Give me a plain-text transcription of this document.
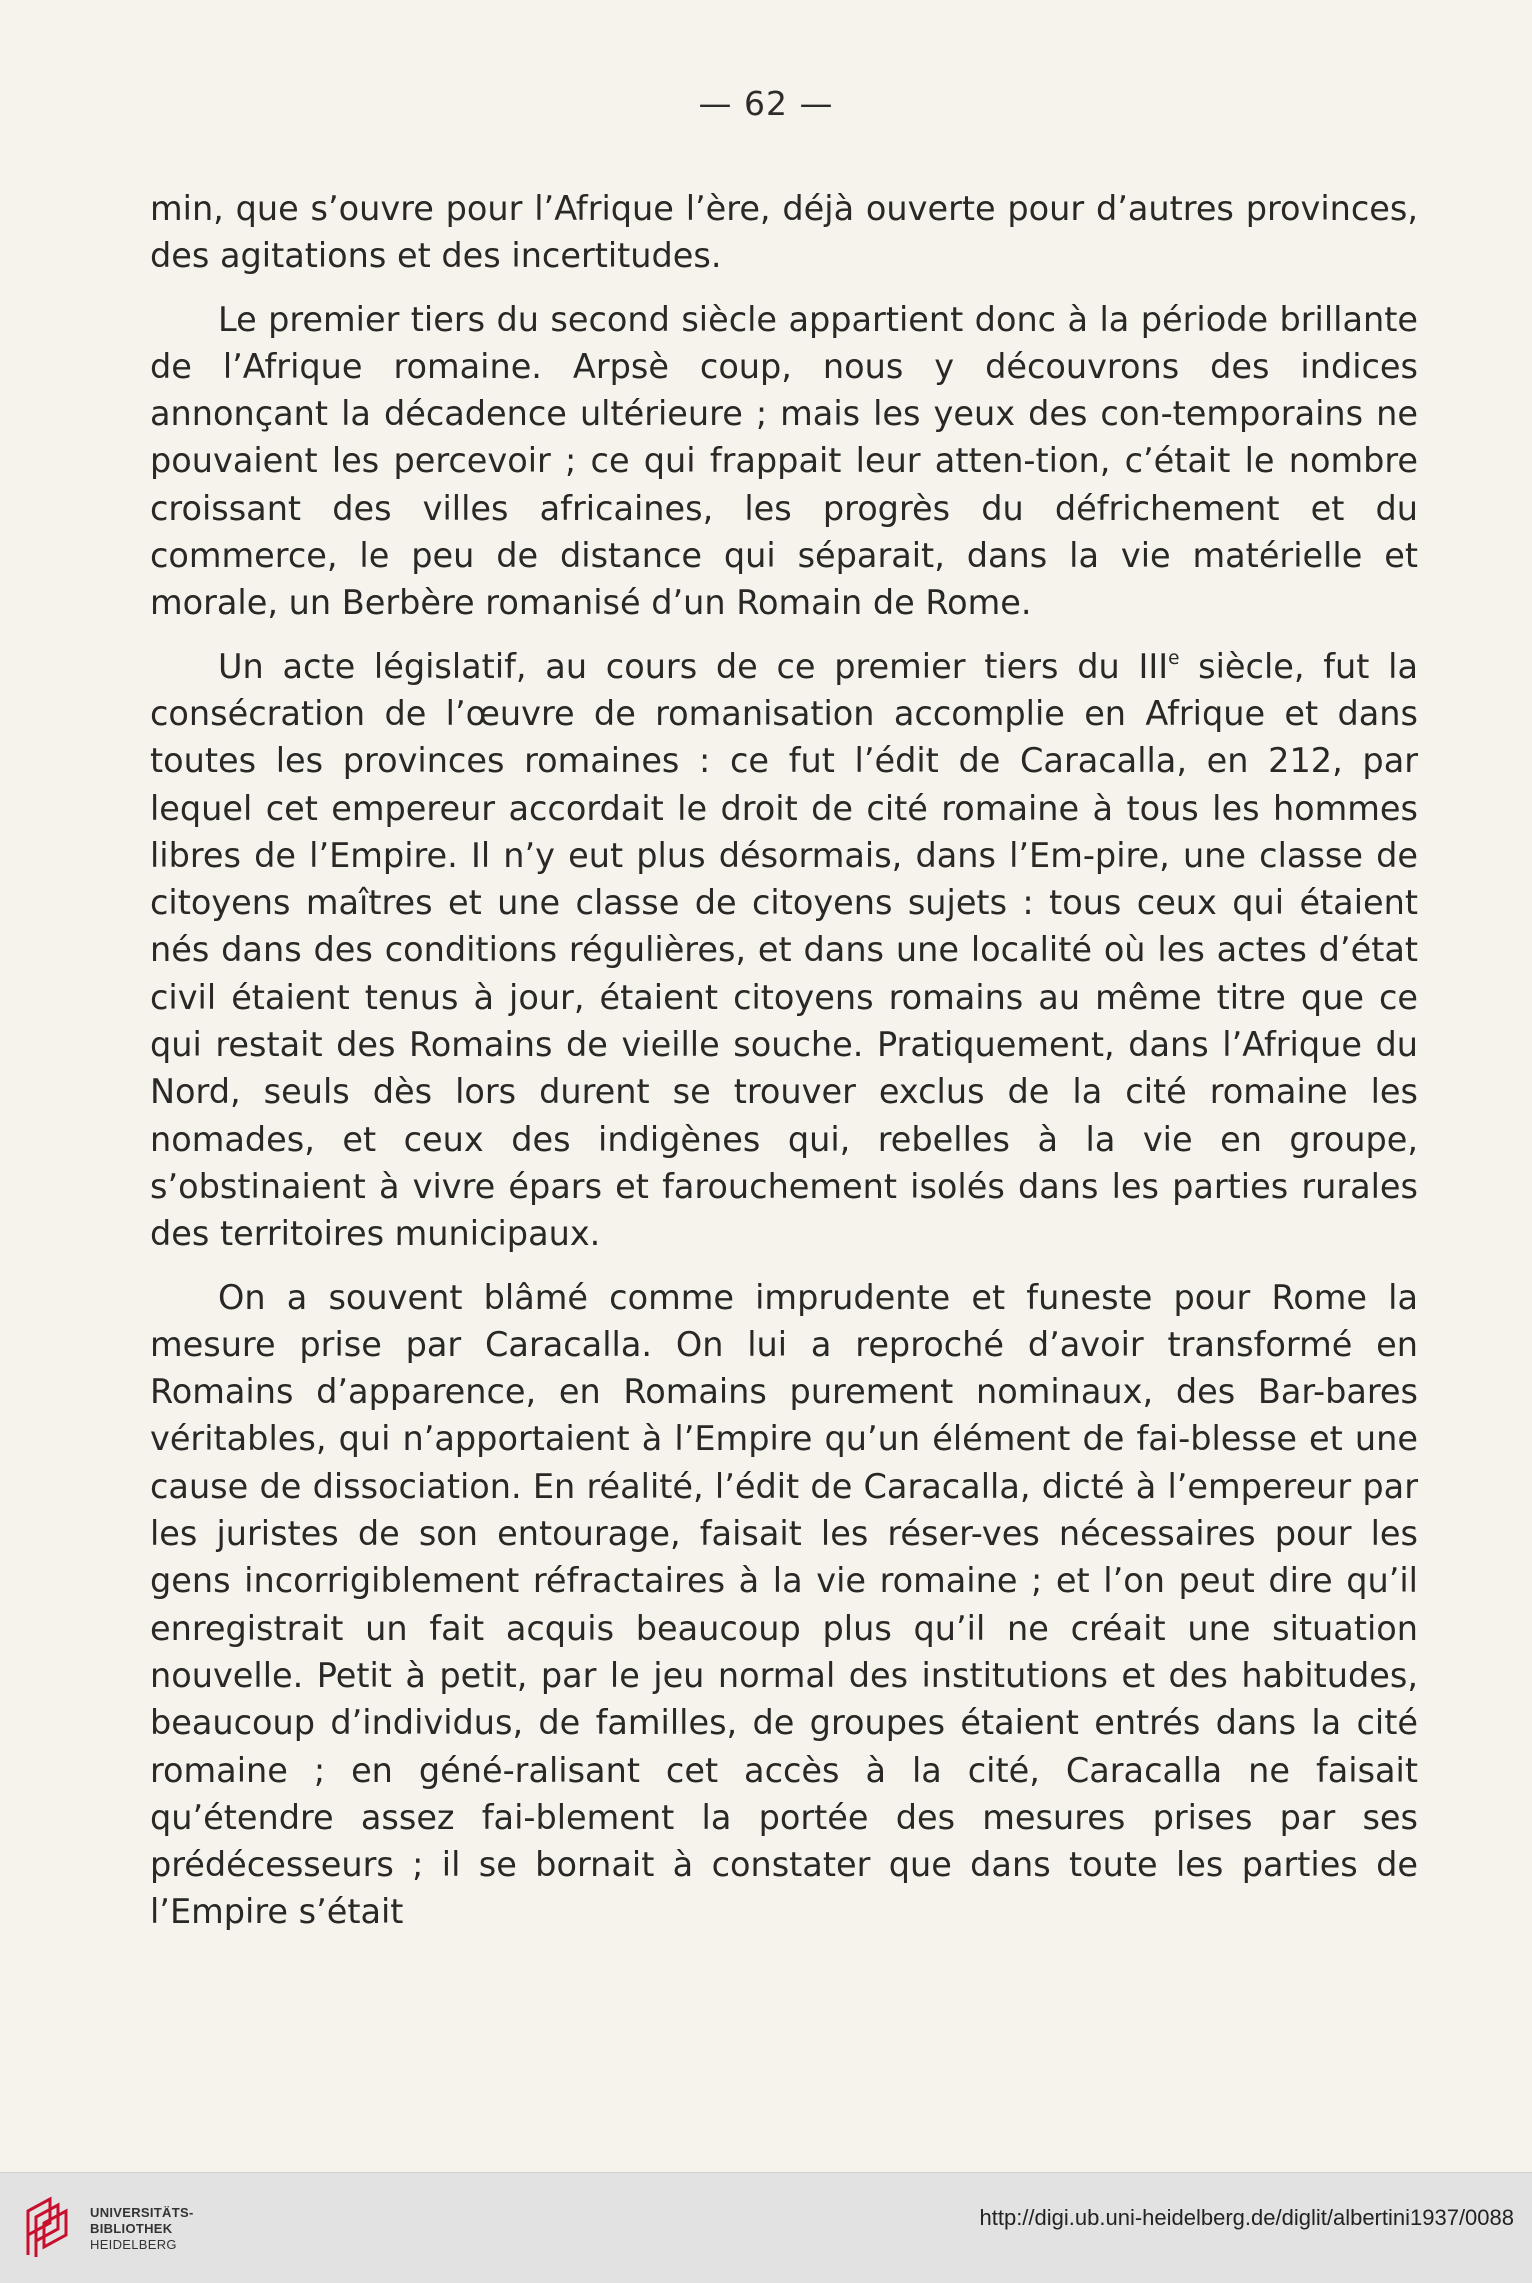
— 62 —

min, que s’ouvre pour l’Afrique l’ère, déjà ouverte pour d’autres provinces, des agitations et des incertitudes.

Le premier tiers du second siècle appartient donc à la période brillante de l’Afrique romaine. Arpsè coup, nous y découvrons des indices annonçant la décadence ultérieure ; mais les yeux des con-temporains ne pouvaient les percevoir ; ce qui frappait leur atten-tion, c’était le nombre croissant des villes africaines, les progrès du défrichement et du commerce, le peu de distance qui séparait, dans la vie matérielle et morale, un Berbère romanisé d’un Romain de Rome.

Un acte législatif, au cours de ce premier tiers du IIIe siècle, fut la consécration de l’œuvre de romanisation accomplie en Afrique et dans toutes les provinces romaines : ce fut l’édit de Caracalla, en 212, par lequel cet empereur accordait le droit de cité romaine à tous les hommes libres de l’Empire. Il n’y eut plus désormais, dans l’Em-pire, une classe de citoyens maîtres et une classe de citoyens sujets : tous ceux qui étaient nés dans des conditions régulières, et dans une localité où les actes d’état civil étaient tenus à jour, étaient citoyens romains au même titre que ce qui restait des Romains de vieille souche. Pratiquement, dans l’Afrique du Nord, seuls dès lors durent se trouver exclus de la cité romaine les nomades, et ceux des indigènes qui, rebelles à la vie en groupe, s’obstinaient à vivre épars et farouchement isolés dans les parties rurales des territoires municipaux.

On a souvent blâmé comme imprudente et funeste pour Rome la mesure prise par Caracalla. On lui a reproché d’avoir transformé en Romains d’apparence, en Romains purement nominaux, des Bar-bares véritables, qui n’apportaient à l’Empire qu’un élément de fai-blesse et une cause de dissociation. En réalité, l’édit de Caracalla, dicté à l’empereur par les juristes de son entourage, faisait les réser-ves nécessaires pour les gens incorrigiblement réfractaires à la vie romaine ; et l’on peut dire qu’il enregistrait un fait acquis beaucoup plus qu’il ne créait une situation nouvelle. Petit à petit, par le jeu normal des institutions et des habitudes, beaucoup d’individus, de familles, de groupes étaient entrés dans la cité romaine ; en géné-ralisant cet accès à la cité, Caracalla ne faisait qu’étendre assez fai-blement la portée des mesures prises par ses prédécesseurs ; il se bornait à constater que dans toute les parties de l’Empire s’était

UNIVERSITÄTS-
BIBLIOTHEK
HEIDELBERG
http://digi.ub.uni-heidelberg.de/diglit/albertini1937/0088
